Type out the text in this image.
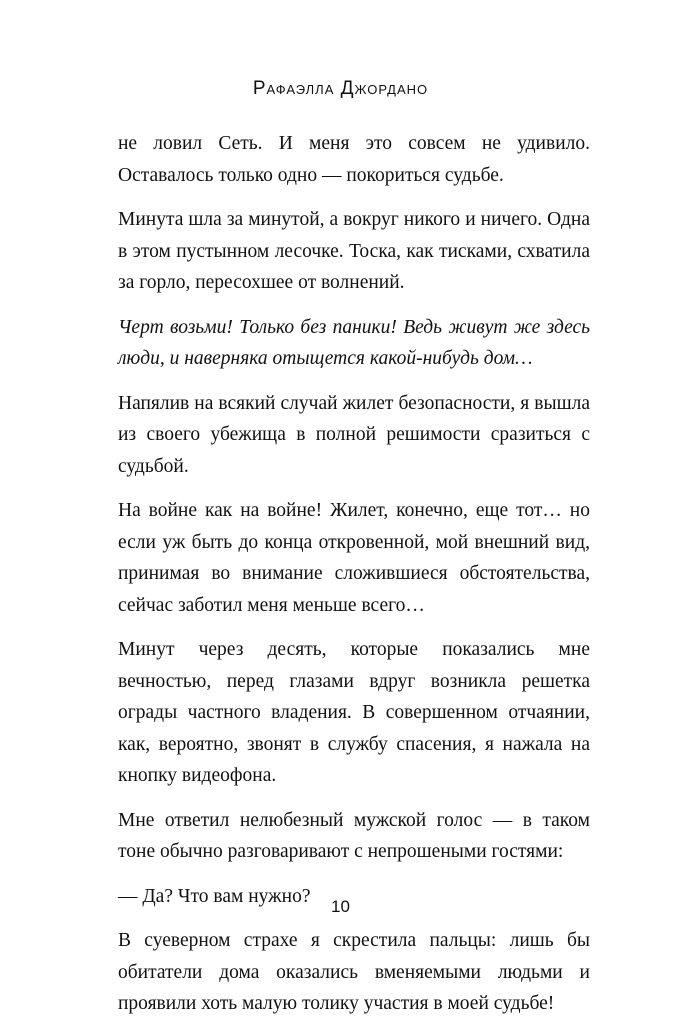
Рафаэлла Джордано

не ловил Сеть. И меня это совсем не удивило. Оставалось только одно — покориться судьбе.

Минута шла за минутой, а вокруг никого и ничего. Одна в этом пустынном лесочке. Тоска, как тисками, схватила за горло, пересохшее от волнений.

Черт возьми! Только без паники! Ведь живут же здесь люди, и наверняка отыщется какой-нибудь дом…

Напялив на всякий случай жилет безопасности, я вышла из своего убежища в полной решимости сразиться с судьбой.

На войне как на войне! Жилет, конечно, еще тот… но если уж быть до конца откровенной, мой внешний вид, принимая во внимание сложившиеся обстоятельства, сейчас заботил меня меньше всего…

Минут через десять, которые показались мне вечностью, перед глазами вдруг возникла решетка ограды частного владения. В совершенном отчаянии, как, вероятно, звонят в службу спасения, я нажала на кнопку видеофона.

Мне ответил нелюбезный мужской голос — в таком тоне обычно разговаривают с непрошеными гостями:

— Да? Что вам нужно?

В суеверном страхе я скрестила пальцы: лишь бы обитатели дома оказались вменяемыми людьми и проявили хоть малую толику участия в моей судьбе!

10
